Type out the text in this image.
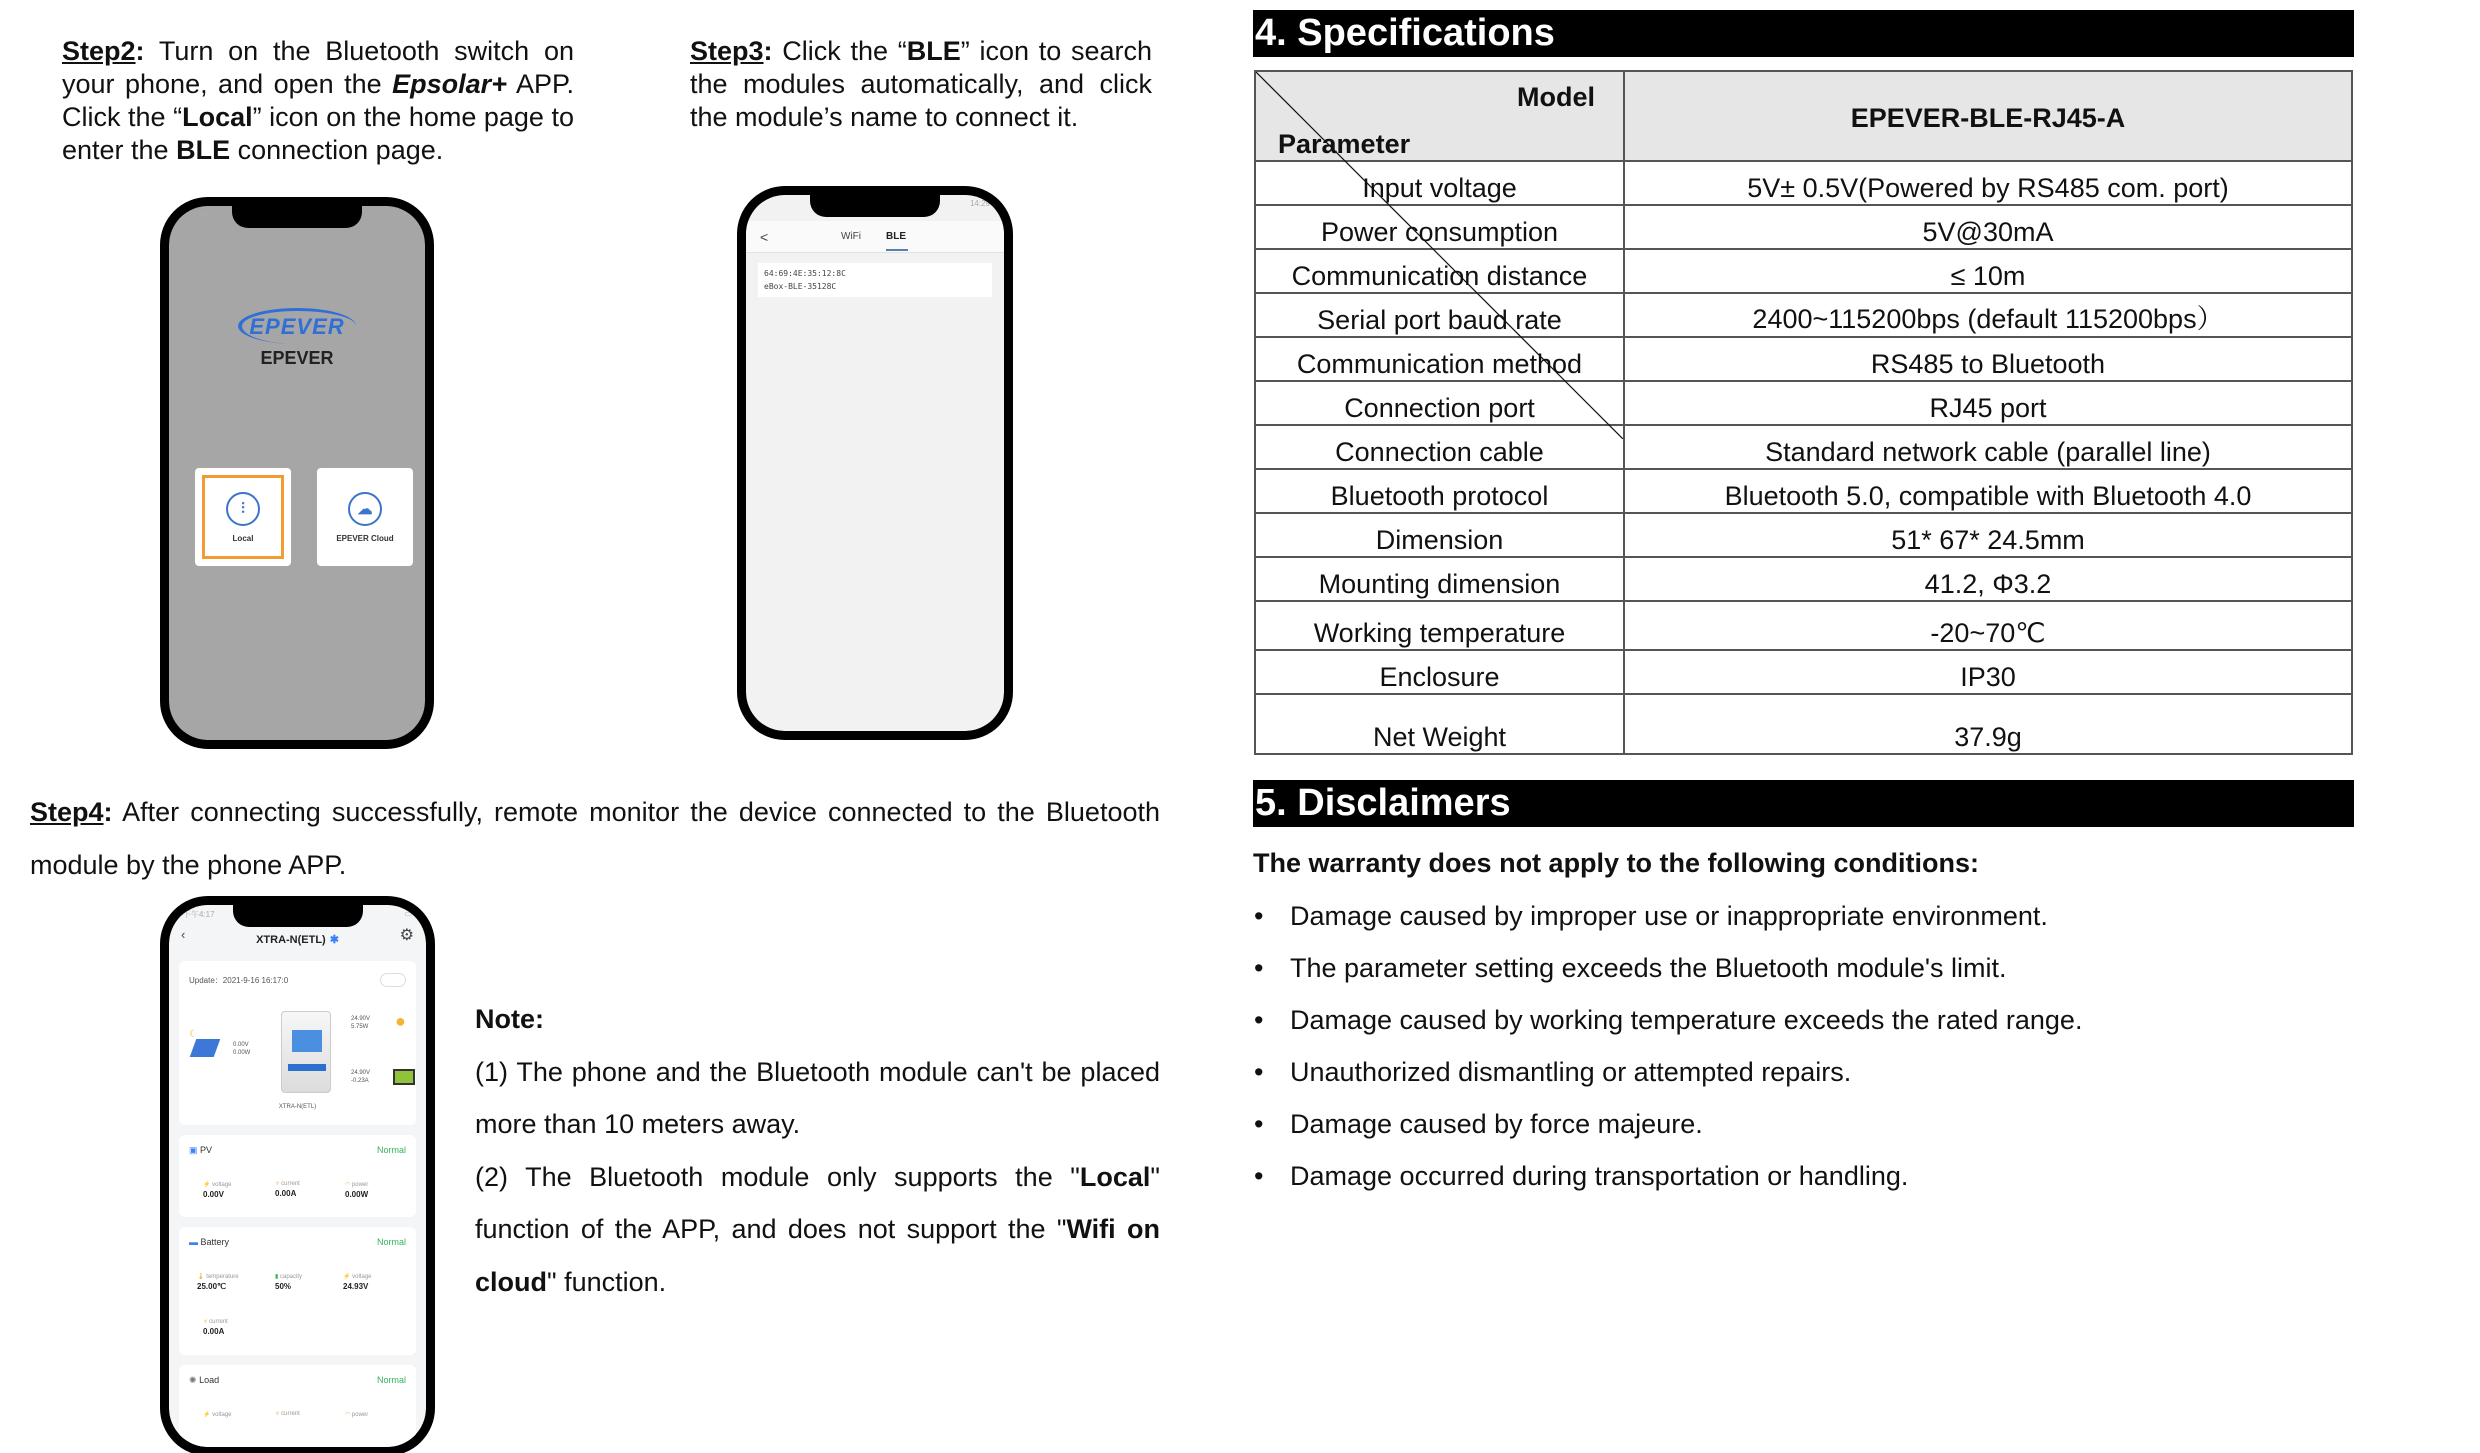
Step2: Turn on the Bluetooth switch on your phone, and open the Epsolar+ APP. Click the “Local” icon on the home page to enter the BLE connection page.

Step3: Click the “BLE” icon to search the modules automatically, and click the module’s name to connect it.

上午9:02	▭
EPEVER
EPEVER
⫶
Local
☁
EPEVER Cloud
14:29
<	WiFi	BLE
64:69:4E:35:12:8C
eBox-BLE-35128C

Step4: After connecting successfully, remote monitor the device connected to the Bluetooth module by the phone APP.

下午4:17	▭
‹	XTRA-N(ETL) ✱	⚙
Update：2021-9-16 16:17:0
☾
0.00V
0.00W
24.90V
5.75W ●
24.90V
-0.23A
XTRA-N(ETL)
▣ PV	Normal
⚡ voltage
0.00V
♅ current
0.00A
◠ power
0.00W
▬ Battery	Normal
🌡 temperature
25.00℃
▮ capacity
50%
⚡ voltage
24.93V
♅ current
0.00A
✺ Load	Normal
⚡ voltage	♅ current	◠ power
Note:
(1) The phone and the Bluetooth module can't be placed more than 10 meters away.
(2) The Bluetooth module only supports the "Local" function of the APP, and does not support the "Wifi on cloud" function.
4. Specifications
Model
Parameter	EPEVER-BLE-RJ45-A
Input voltage	5V± 0.5V(Powered by RS485 com. port)
Power consumption	5V@30mA
Communication distance	≤ 10m
Serial port baud rate	2400~115200bps (default 115200bps）
Communication method	RS485 to Bluetooth
Connection port	RJ45 port
Connection cable	Standard network cable (parallel line)
Bluetooth protocol	Bluetooth 5.0, compatible with Bluetooth 4.0
Dimension	51* 67* 24.5mm
Mounting dimension	41.2, Φ3.2
Working temperature	-20~70℃
Enclosure	IP30
Net Weight	37.9g
5. Disclaimers
The warranty does not apply to the following conditions:
• Damage caused by improper use or inappropriate environment.
• The parameter setting exceeds the Bluetooth module's limit.
• Damage caused by working temperature exceeds the rated range.
• Unauthorized dismantling or attempted repairs.
• Damage caused by force majeure.
• Damage occurred during transportation or handling.
